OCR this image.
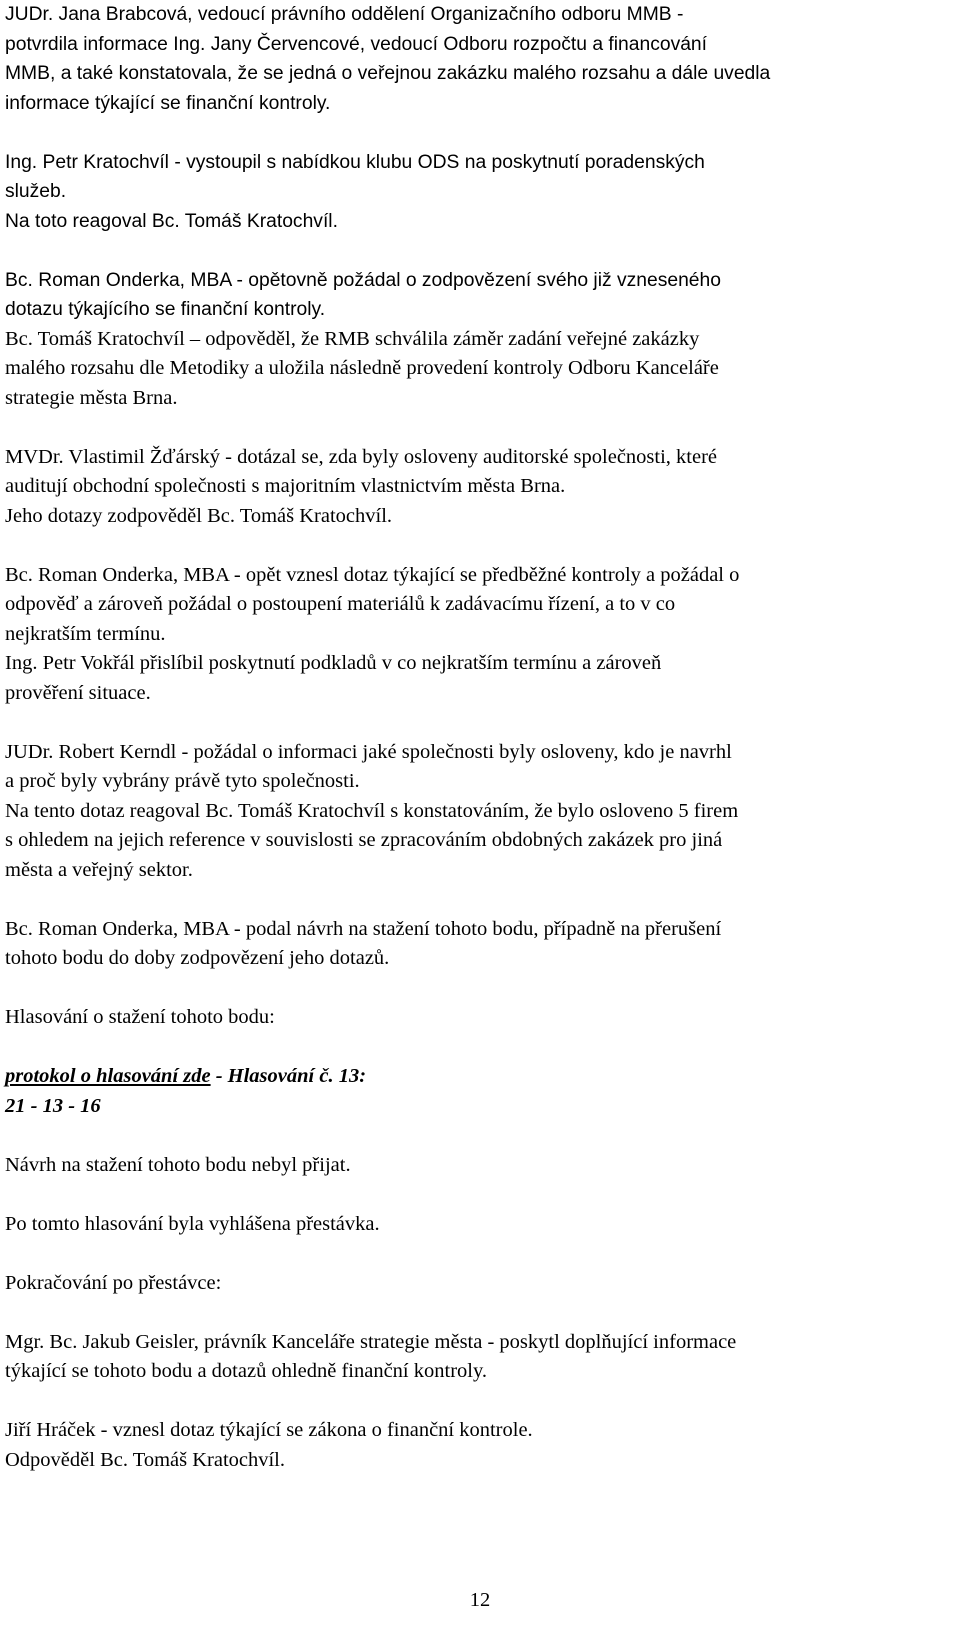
JUDr. Jana Brabcová, vedoucí právního oddělení Organizačního odboru MMB -
potvrdila informace Ing. Jany Červencové, vedoucí Odboru rozpočtu a financování
MMB, a také konstatovala, že se jedná o veřejnou zakázku malého rozsahu a dále uvedla
informace týkající se finanční kontroly.
Ing. Petr Kratochvíl - vystoupil s nabídkou klubu ODS na poskytnutí poradenských
služeb.
Na toto reagoval Bc. Tomáš Kratochvíl.
Bc. Roman Onderka, MBA - opětovně požádal o zodpovězení svého již vzneseného
dotazu týkajícího se finanční kontroly.
Bc. Tomáš Kratochvíl – odpověděl, že RMB schválila záměr zadání veřejné zakázky
malého rozsahu dle Metodiky a uložila následně provedení kontroly Odboru Kanceláře
strategie města Brna.
MVDr. Vlastimil Žďárský - dotázal se, zda byly osloveny auditorské společnosti, které
auditují obchodní společnosti s majoritním vlastnictvím města Brna.
Jeho dotazy zodpověděl Bc. Tomáš Kratochvíl.
Bc. Roman Onderka, MBA - opět vznesl dotaz týkající se předběžné kontroly a požádal o
odpověď a zároveň požádal o postoupení materiálů k zadávacímu řízení, a to v co
nejkratším termínu.
Ing. Petr Vokřál přislíbil poskytnutí podkladů v co nejkratším termínu a zároveň
prověření situace.
JUDr. Robert Kerndl - požádal o informaci jaké společnosti byly osloveny, kdo je navrhl
a proč byly vybrány právě tyto společnosti.
Na tento dotaz reagoval Bc. Tomáš Kratochvíl s konstatováním, že bylo osloveno 5 firem
s ohledem na jejich reference v souvislosti se zpracováním obdobných zakázek pro jiná
města a veřejný sektor.
Bc. Roman Onderka, MBA - podal návrh na stažení tohoto bodu, případně na přerušení
tohoto bodu do doby zodpovězení jeho dotazů.
Hlasování o stažení tohoto bodu:
protokol o hlasování zde - Hlasování č. 13:
21 - 13 - 16
Návrh na stažení tohoto bodu nebyl přijat.
Po tomto hlasování byla vyhlášena přestávka.
Pokračování po přestávce:
Mgr. Bc. Jakub Geisler, právník Kanceláře strategie města - poskytl doplňující informace
týkající se tohoto bodu a dotazů ohledně finanční kontroly.
Jiří Hráček - vznesl dotaz týkající se zákona o finanční kontrole.
Odpověděl Bc. Tomáš Kratochvíl.
12
